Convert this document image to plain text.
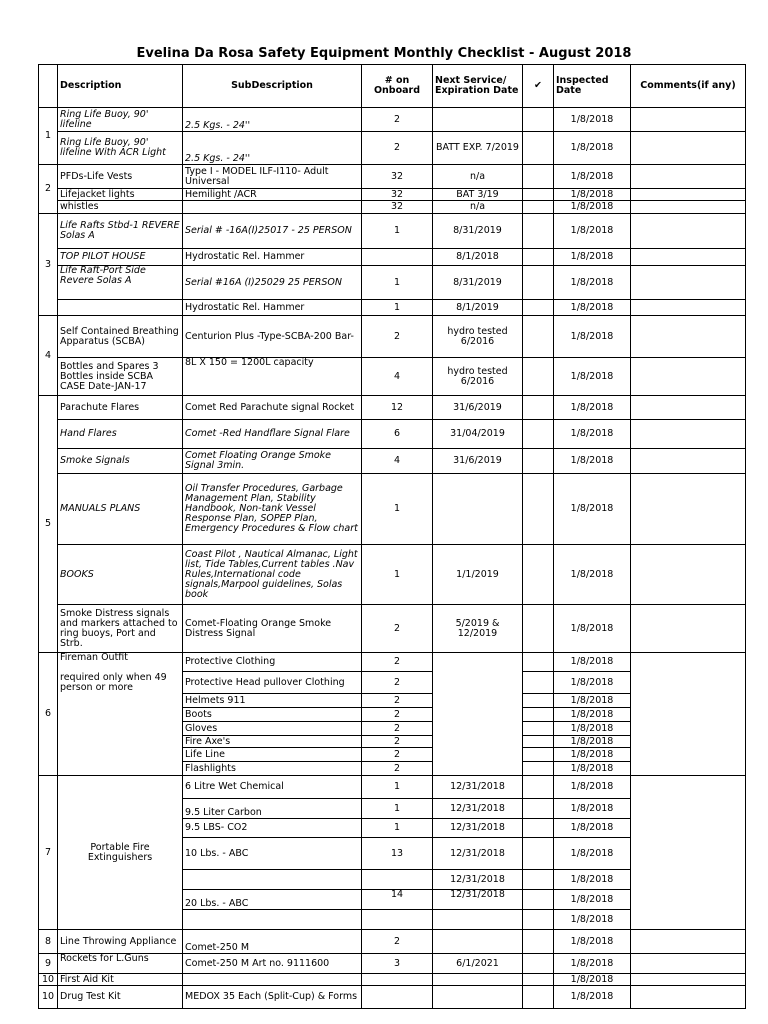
Evelina Da Rosa Safety Equipment Monthly Checklist - August 2018
	Description	SubDescription	# on Onboard	Next Service/ Expiration Date	✔	Inspected Date	Comments(if any)
1	Ring Life Buoy, 90' lifeline	2.5 Kgs. - 24''	2			1/8/2018	
	Ring Life Buoy, 90' lifeline With ACR Light	2.5 Kgs. - 24''	2	BATT EXP. 7/2019		1/8/2018	
2	PFDs-Life Vests	Type I - MODEL ILF-I110- Adult Universal	32	n/a		1/8/2018	
	Lifejacket lights	Hemilight /ACR	32	BAT 3/19		1/8/2018	
	whistles		32	n/a		1/8/2018	
3	Life Rafts Stbd-1 REVERE Solas A	Serial # -16A(I)25017 - 25 PERSON	1	8/31/2019		1/8/2018	
	TOP PILOT HOUSE	Hydrostatic Rel. Hammer		8/1/2018		1/8/2018	
	Life Raft-Port Side Revere Solas A	Serial #16A (I)25029 25 PERSON	1	8/31/2019		1/8/2018	
		Hydrostatic Rel. Hammer	1	8/1/2019		1/8/2018	
4	Self Contained Breathing Apparatus (SCBA)	Centurion Plus -Type-SCBA-200 Bar-	2	hydro tested 6/2016		1/8/2018	
	Bottles and Spares 3 Bottles inside SCBA CASE Date-JAN-17	8L X 150 = 1200L capacity	4	hydro tested 6/2016		1/8/2018	
5	Parachute Flares	Comet Red Parachute signal Rocket	12	31/6/2019		1/8/2018	
	Hand Flares	Comet -Red Handflare Signal Flare	6	31/04/2019		1/8/2018	
	Smoke Signals	Comet Floating Orange Smoke Signal 3min.	4	31/6/2019		1/8/2018	
	MANUALS PLANS	Oil Transfer Procedures, Garbage Management Plan, Stability Handbook, Non-tank Vessel Response Plan, SOPEP Plan, Emergency Procedures & Flow chart	1			1/8/2018	
	BOOKS	Coast Pilot , Nautical Almanac, Light list, Tide Tables,Current tables .Nav Rules,International code signals,Marpool guidelines, Solas book	1	1/1/2019		1/8/2018	
	Smoke Distress signals and markers attached to ring buoys, Port and Strb.	Comet-Floating Orange Smoke Distress Signal	2	5/2019 & 12/2019		1/8/2018	
6	Fireman Outfit
required only when 49 person or more	Protective Clothing	2			1/8/2018	
		Protective Head pullover Clothing	2			1/8/2018	
		Helmets 911	2			1/8/2018	
		Boots	2			1/8/2018	
		Gloves	2			1/8/2018	
		Fire Axe's	2			1/8/2018	
		Life Line	2			1/8/2018	
		Flashlights	2			1/8/2018	
7	Portable Fire Extinguishers	6 Litre Wet Chemical	1	12/31/2018		1/8/2018	
		9.5 Liter Carbon	1	12/31/2018		1/8/2018	
		9.5 LBS- CO2	1	12/31/2018		1/8/2018	
		10 Lbs. - ABC	13	12/31/2018		1/8/2018	
				12/31/2018		1/8/2018	
		20 Lbs. - ABC	14	12/31/2018		1/8/2018	
						1/8/2018	
8	Line Throwing Appliance	Comet-250 M	2			1/8/2018	
9	Rockets for L.Guns	Comet-250 M Art no. 9111600	3	6/1/2021		1/8/2018	
10	First Aid Kit					1/8/2018	
10	Drug Test Kit	MEDOX 35 Each (Split-Cup) & Forms				1/8/2018	
